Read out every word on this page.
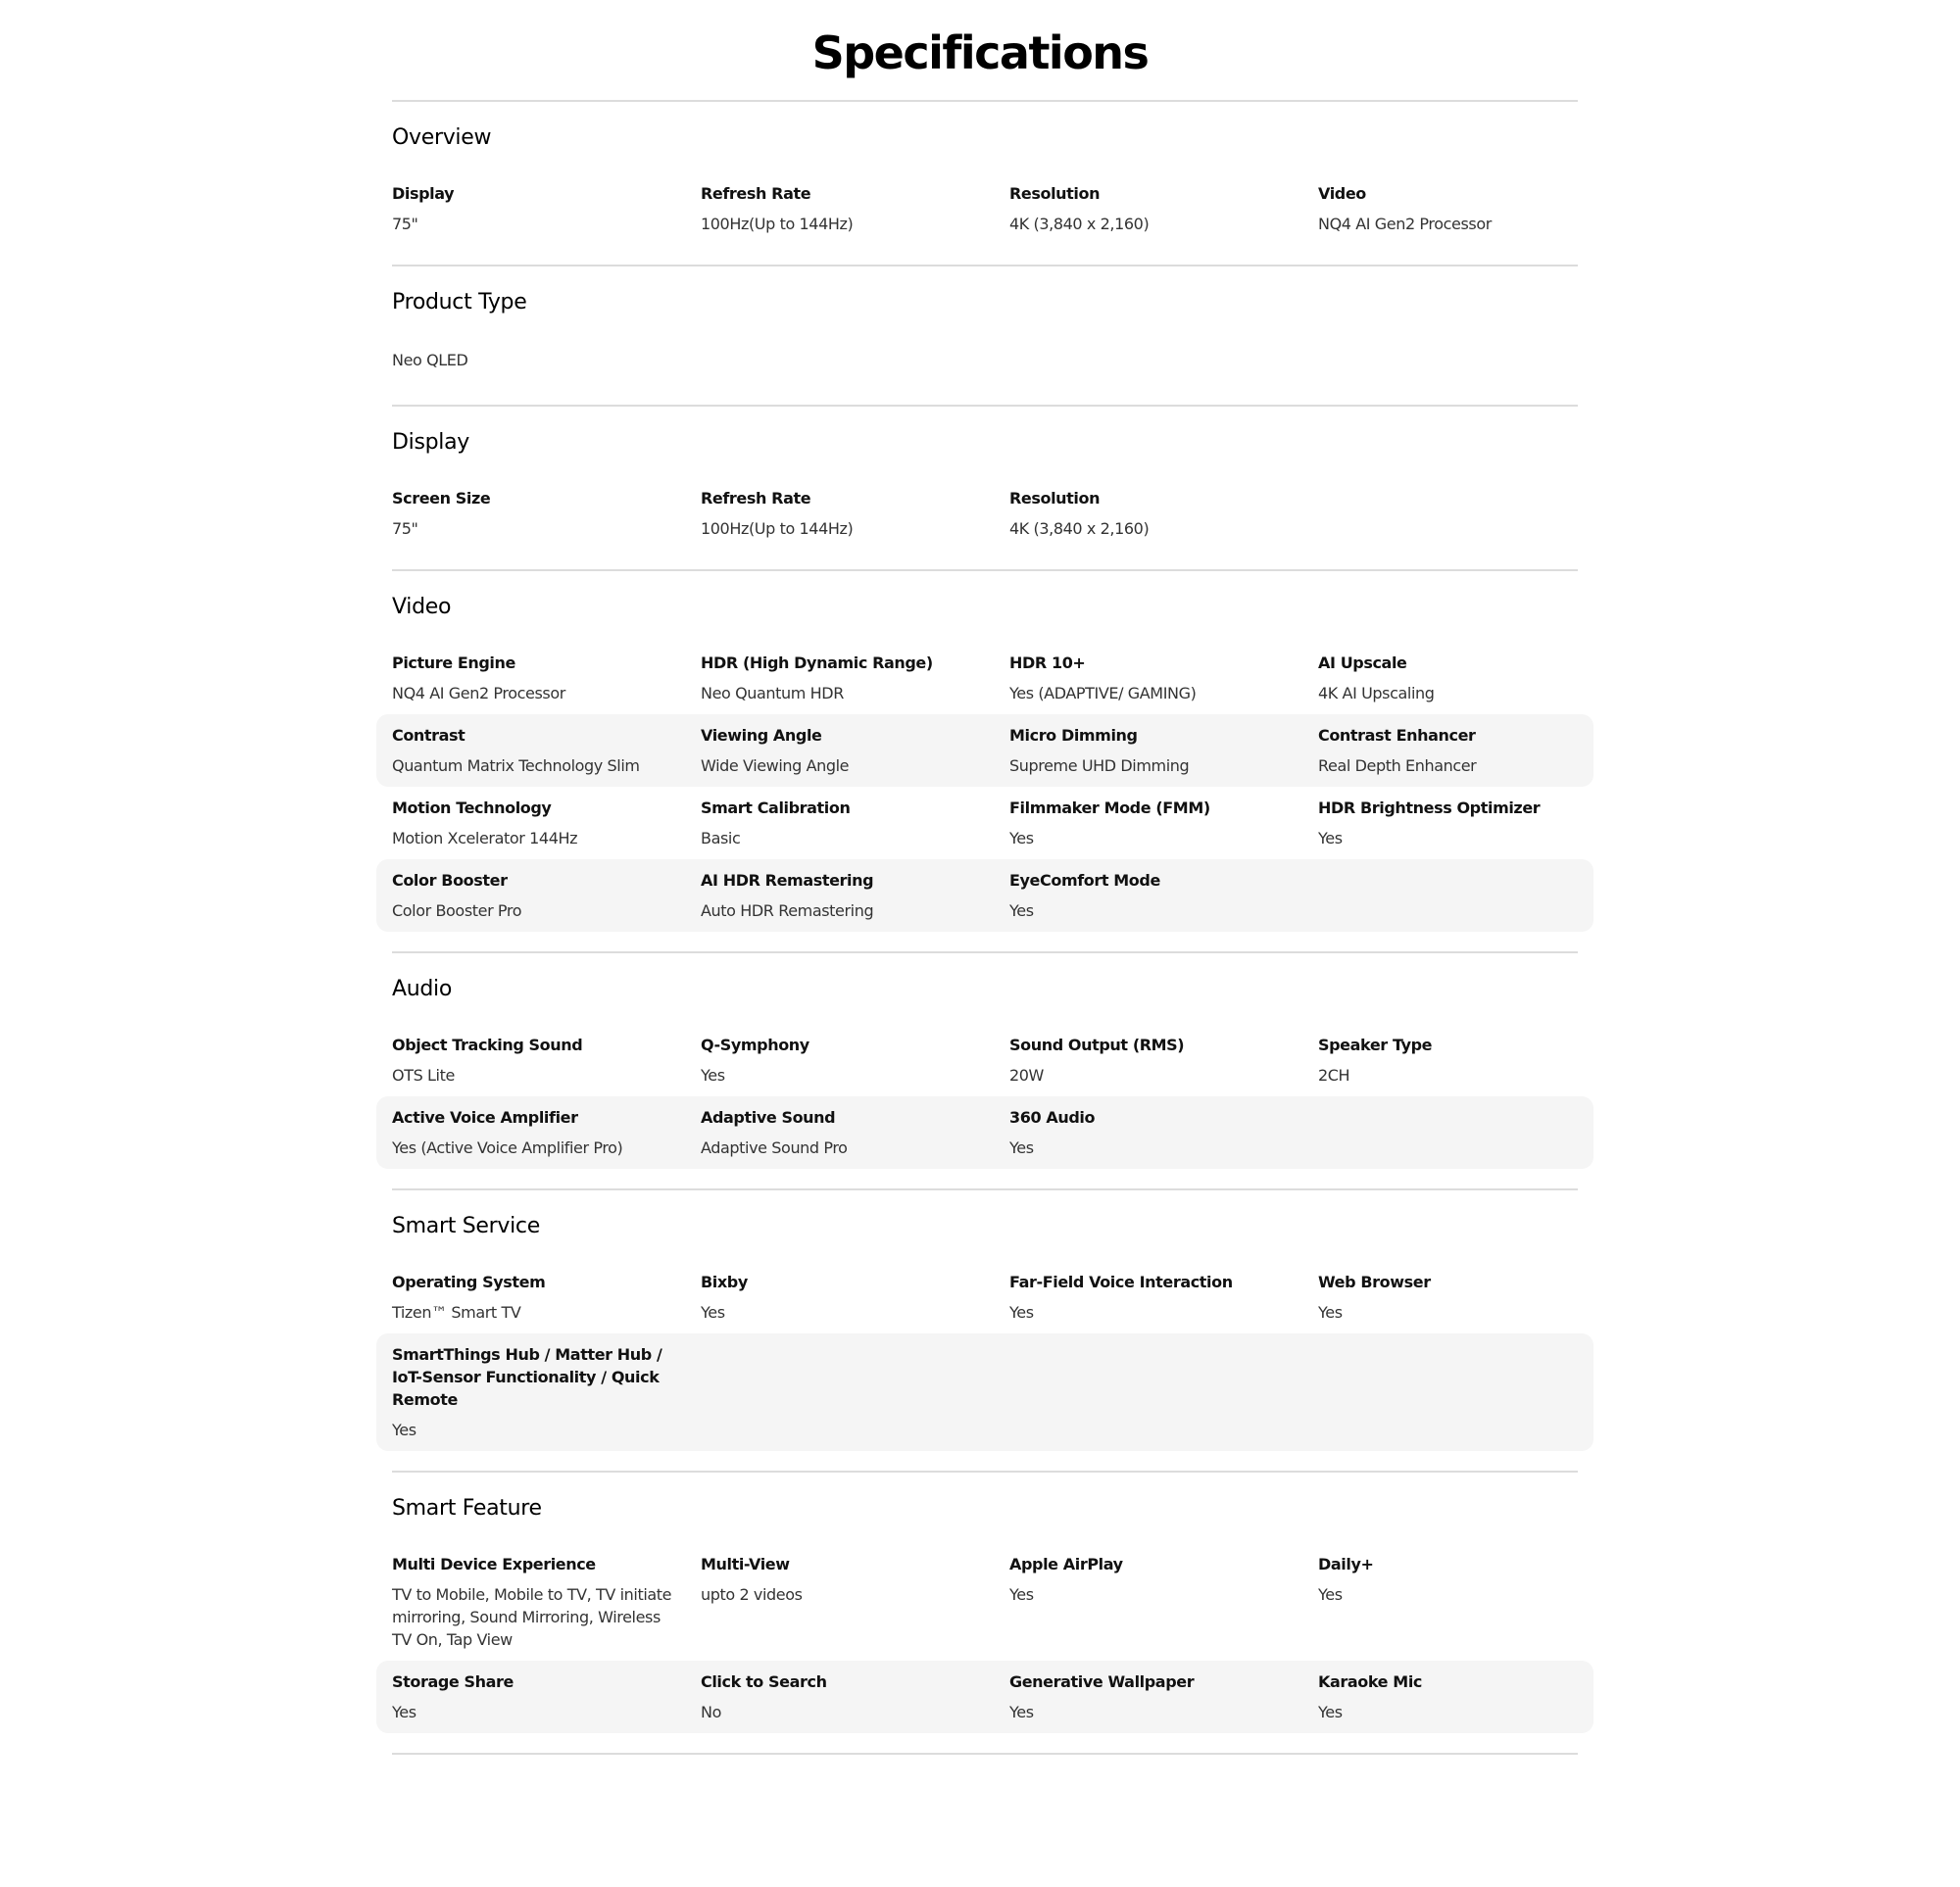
Specifications
Overview
Display
75"
Refresh Rate
100Hz(Up to 144Hz)
Resolution
4K (3,840 x 2,160)
Video
NQ4 AI Gen2 Processor
Product Type
Neo QLED
Display
Screen Size
75"
Refresh Rate
100Hz(Up to 144Hz)
Resolution
4K (3,840 x 2,160)
Video
Picture Engine
NQ4 AI Gen2 Processor
HDR (High Dynamic Range)
Neo Quantum HDR
HDR 10+
Yes (ADAPTIVE/ GAMING)
AI Upscale
4K AI Upscaling
Contrast
Quantum Matrix Technology Slim
Viewing Angle
Wide Viewing Angle
Micro Dimming
Supreme UHD Dimming
Contrast Enhancer
Real Depth Enhancer
Motion Technology
Motion Xcelerator 144Hz
Smart Calibration
Basic
Filmmaker Mode (FMM)
Yes
HDR Brightness Optimizer
Yes
Color Booster
Color Booster Pro
AI HDR Remastering
Auto HDR Remastering
EyeComfort Mode
Yes
Audio
Object Tracking Sound
OTS Lite
Q-Symphony
Yes
Sound Output (RMS)
20W
Speaker Type
2CH
Active Voice Amplifier
Yes (Active Voice Amplifier Pro)
Adaptive Sound
Adaptive Sound Pro
360 Audio
Yes
Smart Service
Operating System
Tizen™ Smart TV
Bixby
Yes
Far-Field Voice Interaction
Yes
Web Browser
Yes
SmartThings Hub / Matter Hub / IoT-Sensor Functionality / Quick Remote
Yes
Smart Feature
Multi Device Experience
TV to Mobile, Mobile to TV, TV initiate mirroring, Sound Mirroring, Wireless TV On, Tap View
Multi-View
upto 2 videos
Apple AirPlay
Yes
Daily+
Yes
Storage Share
Yes
Click to Search
No
Generative Wallpaper
Yes
Karaoke Mic
Yes
